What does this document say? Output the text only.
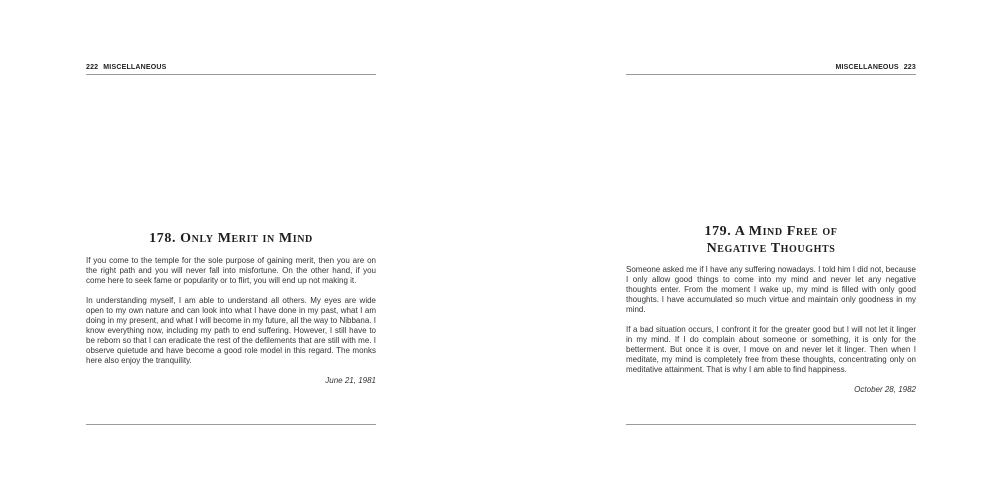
222 MISCELLANEOUS
178. Only Merit in Mind

If you come to the temple for the sole purpose of gaining merit, then you are on the right path and you will never fall into misfortune. On the other hand, if you come here to seek fame or popularity or to flirt, you will end up not making it.

In understanding myself, I am able to understand all others. My eyes are wide open to my own nature and can look into what I have done in my past, what I am doing in my present, and what I will become in my future, all the way to Nibbana. I know everything now, including my path to end suffering. However, I still have to be reborn so that I can eradicate the rest of the defilements that are still with me. I observe quietude and have become a good role model in this regard. The monks here also enjoy the tranquility.

June 21, 1981
MISCELLANEOUS 223
179. A Mind Free of
Negative Thoughts

Someone asked me if I have any suffering nowadays. I told him I did not, because I only allow good things to come into my mind and never let any negative thoughts enter. From the moment I wake up, my mind is filled with only good thoughts. I have accumulated so much virtue and maintain only goodness in my mind.

If a bad situation occurs, I confront it for the greater good but I will not let it linger in my mind. If I do complain about someone or something, it is only for the betterment. But once it is over, I move on and never let it linger. Then when I meditate, my mind is completely free from these thoughts, concentrating only on meditative attainment. That is why I am able to find happiness.

October 28, 1982
